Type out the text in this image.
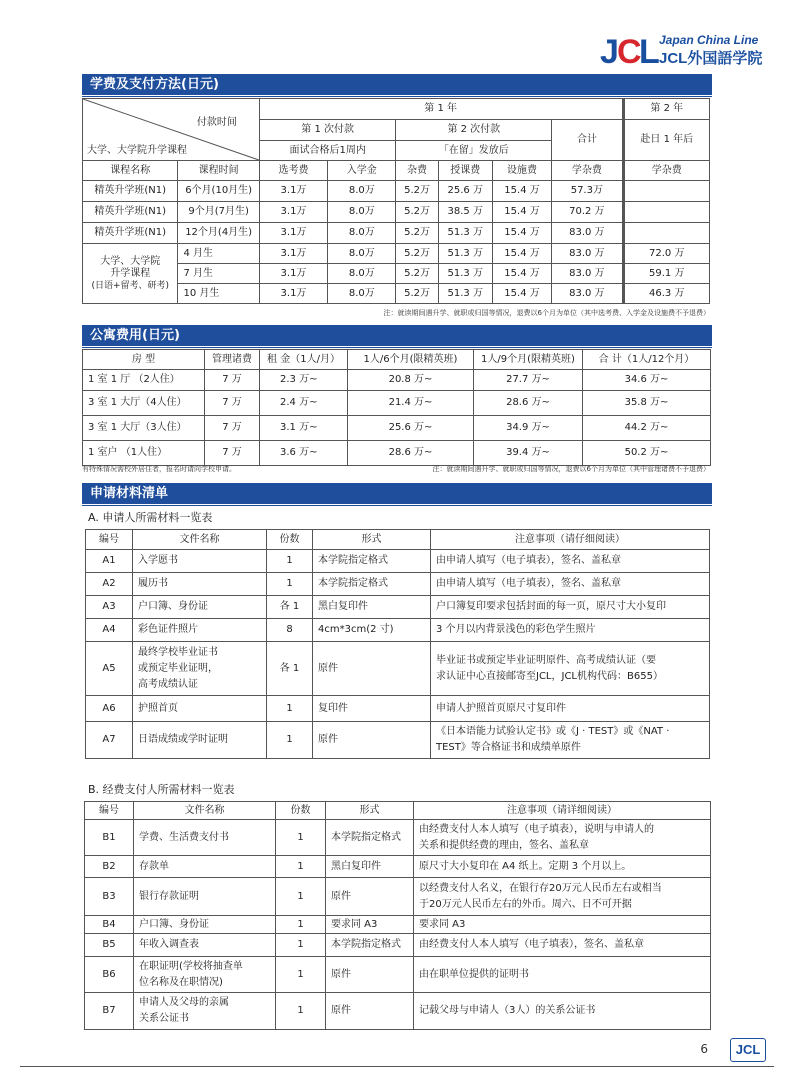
J
C
L Japan China Line
JCL外国語学院
学费及支付方法(日元)
付款时间
大学、大学院升学课程		第 1 年						第 2 年
		第 1 次付款		第 2 次付款			合计	赴日 1 年后
		面试合格后1周内		「在留」发放后				
课程名称	课程时间	选考费	入学金	杂费	授课费	设施费	学杂费	学杂费
精英升学班(N1)	6个月(10月生)	3.1万	8.0万	5.2万	25.6 万	15.4 万	57.3万	
精英升学班(N1)	9个月(7月生)	3.1万	8.0万	5.2万	38.5 万	15.4 万	70.2 万	
精英升学班(N1)	12个月(4月生)	3.1万	8.0万	5.2万	51.3 万	15.4 万	83.0 万	

大学、大学院
升学课程
(日语+留考、研考)	4 月生	3.1万	8.0万	5.2万	51.3 万	15.4 万	83.0 万	72.0 万
	7 月生	3.1万	8.0万	5.2万	51.3 万	15.4 万	83.0 万	59.1 万
	10 月生	3.1万	8.0万	5.2万	51.3 万	15.4 万	83.0 万	46.3 万
注：就读期间遇升学、就职或归国等情况，退费以6个月为单位（其中选考费、入学金及设施费不予退费）
公寓费用(日元)
房 型	管理诸费	租 金（1人/月）	1人/6个月(限精英班)	1人/9个月(限精英班)	合 计（1人/12个月）
1 室 1 厅 （2人住）	7 万	2.3 万~	20.8 万~	27.7 万~	34.6 万~
3 室 1 大厅（4人住）	7 万	2.4 万~	21.4 万~	28.6 万~	35.8 万~
3 室 1 大厅（3人住）	7 万	3.1 万~	25.6 万~	34.9 万~	44.2 万~
1 室户 （1人住）	7 万	3.6 万~	28.6 万~	39.4 万~	50.2 万~
有特殊情况需校外居住者，报名时请向学校申请。	注：就读期间遇升学、就职或归国等情况，退费以6个月为单位（其中管理诸费不予退费）
申请材料清单
A. 申请人所需材料一览表
编号	文件名称	份数	形式	注意事项（请仔细阅读）
A1	入学愿书	1	本学院指定格式	由申请人填写（电子填表），签名、盖私章
A2	履历书	1	本学院指定格式	由申请人填写（电子填表），签名、盖私章
A3	户口簿、身份证	各 1	黑白复印件	户口簿复印要求包括封面的每一页，原尺寸大小复印
A4	彩色证件照片	8	4cm*3cm(2 寸)	3 个月以内背景浅色的彩色学生照片
A5	最终学校毕业证书
或预定毕业证明，
高考成绩认证	各 1	原件	毕业证书或预定毕业证明原件、高考成绩认证（要
求认证中心直接邮寄至JCL，JCL机构代码：B655）
A6	护照首页	1	复印件	申请人护照首页原尺寸复印件
A7	日语成绩或学时证明	1	原件	《日本语能力试验认定书》或《J · TEST》或《NAT ·
TEST》等合格证书和成绩单原件
B. 经费支付人所需材料一览表
编号	文件名称	份数	形式	注意事项（请详细阅读）
B1	学费、生活费支付书	1	本学院指定格式	由经费支付人本人填写（电子填表），说明与申请人的
关系和提供经费的理由，签名、盖私章
B2	存款单	1	黑白复印件	原尺寸大小复印在 A4 纸上。定期 3 个月以上。
B3	银行存款证明	1	原件	以经费支付人名义，在银行存20万元人民币左右或相当
于20万元人民币左右的外币。周六、日不可开据
B4	户口簿、身份证	1	要求同 A3	要求同 A3
B5	年收入调查表	1	本学院指定格式	由经费支付人本人填写（电子填表），签名、盖私章
B6	在职证明(学校将抽查单
位名称及在职情况)	1	原件	由在职单位提供的证明书
B7	申请人及父母的亲属
关系公证书	1	原件	记载父母与申请人（3人）的关系公证书
6	JCL
